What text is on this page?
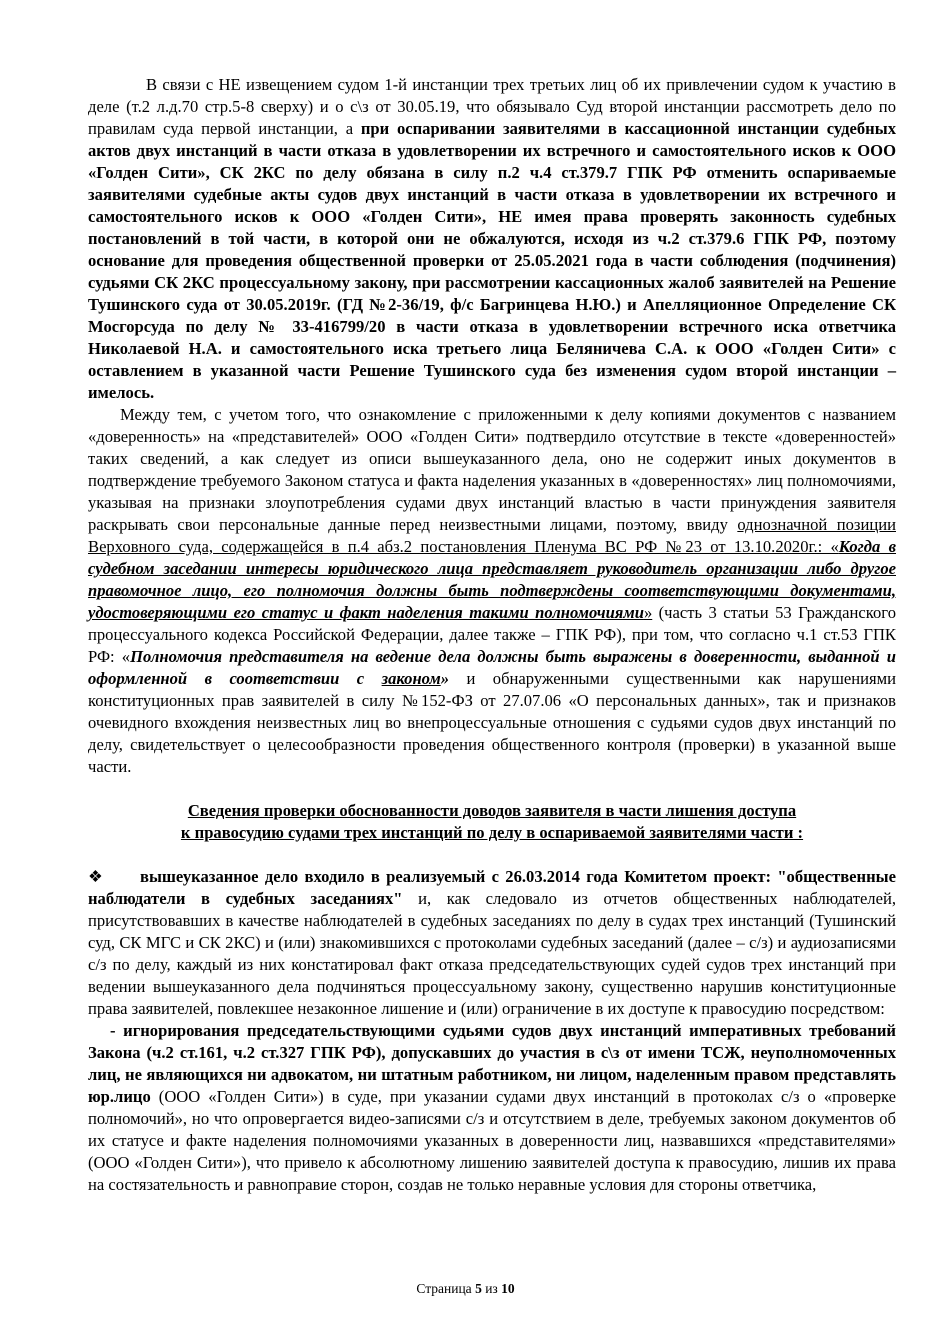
В связи с НЕ извещением судом 1-й инстанции трех третьих лиц об их привлечении судом к участию в деле (т.2 л.д.70 стр.5-8 сверху) и о с\з от 30.05.19, что обязывало Суд второй инстанции рассмотреть дело по правилам суда первой инстанции, а при оспаривании заявителями в кассационной инстанции судебных актов двух инстанций в части отказа в удовлетворении их встречного и самостоятельного исков к ООО «Голден Сити», СК 2КС по делу обязана в силу п.2 ч.4 ст.379.7 ГПК РФ отменить оспариваемые заявителями судебные акты судов двух инстанций в части отказа в удовлетворении их встречного и самостоятельного исков к ООО «Голден Сити», НЕ имея права проверять законность судебных постановлений в той части, в которой они не обжалуются, исходя из ч.2 ст.379.6 ГПК РФ, поэтому основание для проведения общественной проверки от 25.05.2021 года в части соблюдения (подчинения) судьями СК 2КС процессуальному закону, при рассмотрении кассационных жалоб заявителей на Решение Тушинского суда от 30.05.2019г. (ГД №2-36/19, ф/с Багринцева Н.Ю.) и Апелляционное Определение СК Мосгорсуда по делу № 33-416799/20 в части отказа в удовлетворении встречного иска ответчика Николаевой Н.А. и самостоятельного иска третьего лица Беляничева С.А. к ООО «Голден Сити» с оставлением в указанной части Решение Тушинского суда без изменения судом второй инстанции – имелось.

Между тем, с учетом того, что ознакомление с приложенными к делу копиями документов с названием «доверенность» на «представителей» ООО «Голден Сити» подтвердило отсутствие в тексте «доверенностей» таких сведений, а как следует из описи вышеуказанного дела, оно не содержит иных документов в подтверждение требуемого Законом статуса и факта наделения указанных в «доверенностях» лиц полномочиями, указывая на признаки злоупотребления судами двух инстанций властью в части принуждения заявителя раскрывать свои персональные данные перед неизвестными лицами, поэтому, ввиду однозначной позиции Верховного суда, содержащейся в п.4 абз.2 постановления Пленума ВС РФ №23 от 13.10.2020г.: «Когда в судебном заседании интересы юридического лица представляет руководитель организации либо другое правомочное лицо, его полномочия должны быть подтверждены соответствующими документами, удостоверяющими его статус и факт наделения такими полномочиями» (часть 3 статьи 53 Гражданского процессуального кодекса Российской Федерации, далее также – ГПК РФ), при том, что согласно ч.1 ст.53 ГПК РФ: «Полномочия представителя на ведение дела должны быть выражены в доверенности, выданной и оформленной в соответствии с законом» и обнаруженными существенными как нарушениями конституционных прав заявителей в силу №152-ФЗ от 27.07.06 «О персональных данных», так и признаков очевидного вхождения неизвестных лиц во внепроцессуальные отношения с судьями судов двух инстанций по делу, свидетельствует о целесообразности проведения общественного контроля (проверки) в указанной выше части.

Сведения проверки обоснованности доводов заявителя в части лишения доступа
к правосудию судами трех инстанций по делу в оспариваемой заявителями части :

❖ вышеуказанное дело входило в реализуемый с 26.03.2014 года Комитетом проект: "общественные наблюдатели в судебных заседаниях" и, как следовало из отчетов общественных наблюдателей, присутствовавших в качестве наблюдателей в судебных заседаниях по делу в судах трех инстанций (Тушинский суд, СК МГС и СК 2КС) и (или) знакомившихся с протоколами судебных заседаний (далее – с/з) и аудиозаписями с/з по делу, каждый из них констатировал факт отказа председательствующих судей судов трех инстанций при ведении вышеуказанного дела подчиняться процессуальному закону, существенно нарушив конституционные права заявителей, повлекшее незаконное лишение и (или) ограничение в их доступе к правосудию посредством:

- игнорирования председательствующими судьями судов двух инстанций императивных требований Закона (ч.2 ст.161, ч.2 ст.327 ГПК РФ), допускавших до участия в с\з от имени ТСЖ, неуполномоченных лиц, не являющихся ни адвокатом, ни штатным работником, ни лицом, наделенным правом представлять юр.лицо (ООО «Голден Сити») в суде, при указании судами двух инстанций в протоколах с/з о «проверке полномочий», но что опровергается видео-записями с/з и отсутствием в деле, требуемых законом документов об их статусе и факте наделения полномочиями указанных в доверенности лиц, назвавшихся «представителями» (ООО «Голден Сити»), что привело к абсолютному лишению заявителей доступа к правосудию, лишив их права на состязательность и равноправие сторон, создав не только неравные условия для стороны ответчика,

Страница 5 из 10
